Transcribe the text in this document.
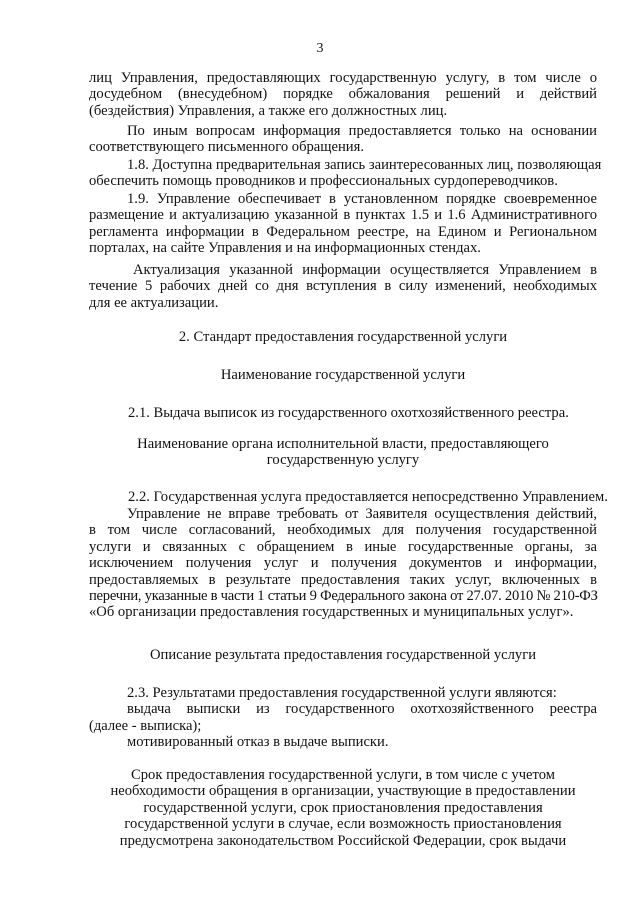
3
лиц Управления, предоставляющих государственную услугу, в том числе о
досудебном (внесудебном) порядке обжалования решений и действий
(бездействия) Управления, а также его должностных лиц.
По иным вопросам информация предоставляется только на основании
соответствующего письменного обращения.
1.8. Доступна предварительная запись заинтересованных лиц, позволяющая
обеспечить помощь проводников и профессиональных сурдопереводчиков.
1.9. Управление обеспечивает в установленном порядке своевременное
размещение и актуализацию указанной в пунктах 1.5 и 1.6 Административного
регламента информации в Федеральном реестре, на Едином и Региональном
порталах, на сайте Управления и на информационных стендах.
Актуализация указанной информации осуществляется Управлением в
течение 5 рабочих дней со дня вступления в силу изменений, необходимых
для ее актуализации.
2. Стандарт предоставления государственной услуги
Наименование государственной услуги
2.1. Выдача выписок из государственного охотхозяйственного реестра.
Наименование органа исполнительной власти, предоставляющего
государственную услугу
2.2. Государственная услуга предоставляется непосредственно Управлением.
Управление не вправе требовать от Заявителя осуществления действий,
в том числе согласований, необходимых для получения государственной
услуги и связанных с обращением в иные государственные органы, за
исключением получения услуг и получения документов и информации,
предоставляемых в результате предоставления таких услуг, включенных в
перечни, указанные в части 1 статьи 9 Федерального закона от 27.07. 2010 № 210-ФЗ
«Об организации предоставления государственных и муниципальных услуг».
Описание результата предоставления государственной услуги
2.3. Результатами предоставления государственной услуги являются:
выдача выписки из государственного охотхозяйственного реестра
(далее - выписка);
мотивированный отказ в выдаче выписки.
Срок предоставления государственной услуги, в том числе с учетом
необходимости обращения в организации, участвующие в предоставлении
государственной услуги, срок приостановления предоставления
государственной услуги в случае, если возможность приостановления
предусмотрена законодательством Российской Федерации, срок выдачи
